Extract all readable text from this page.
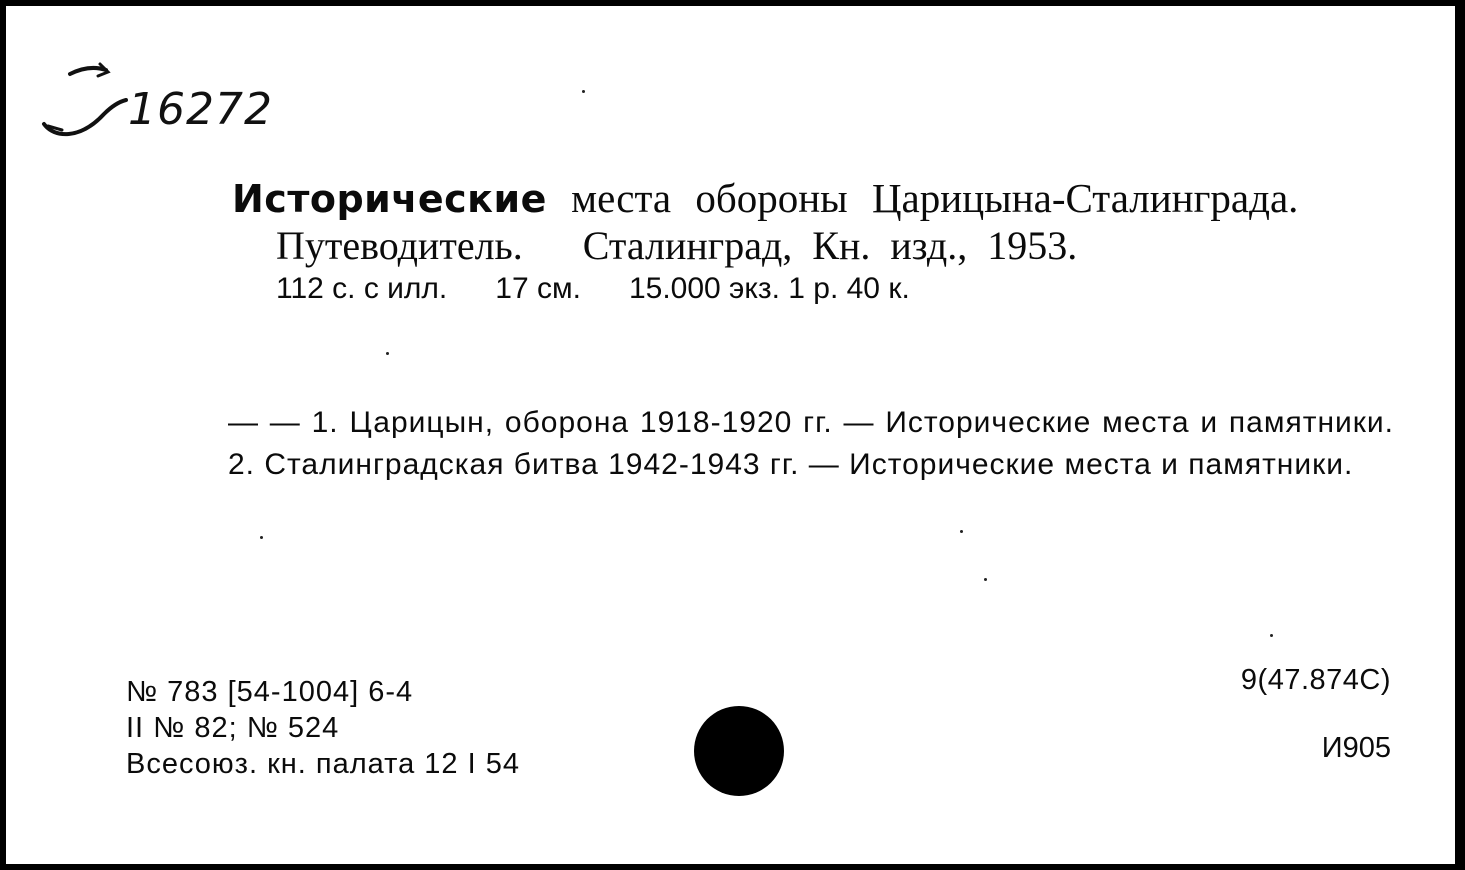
16272
Исторические места обороны Царицына-Сталинграда.
Путеводитель. Сталинград, Кн. изд., 1953.
112 с. с илл. 17 см. 15.000 экз. 1 р. 40 к.
— — 1. Царицын, оборона 1918-1920 гг. — Исторические места и памятники. 2. Сталинградская битва 1942-1943 гг. — Исторические места и памятники.
№ 783 [54-1004] 6-4
II № 82; № 524
Всесоюз. кн. палата 12 I 54
9(47.874С)
И905
